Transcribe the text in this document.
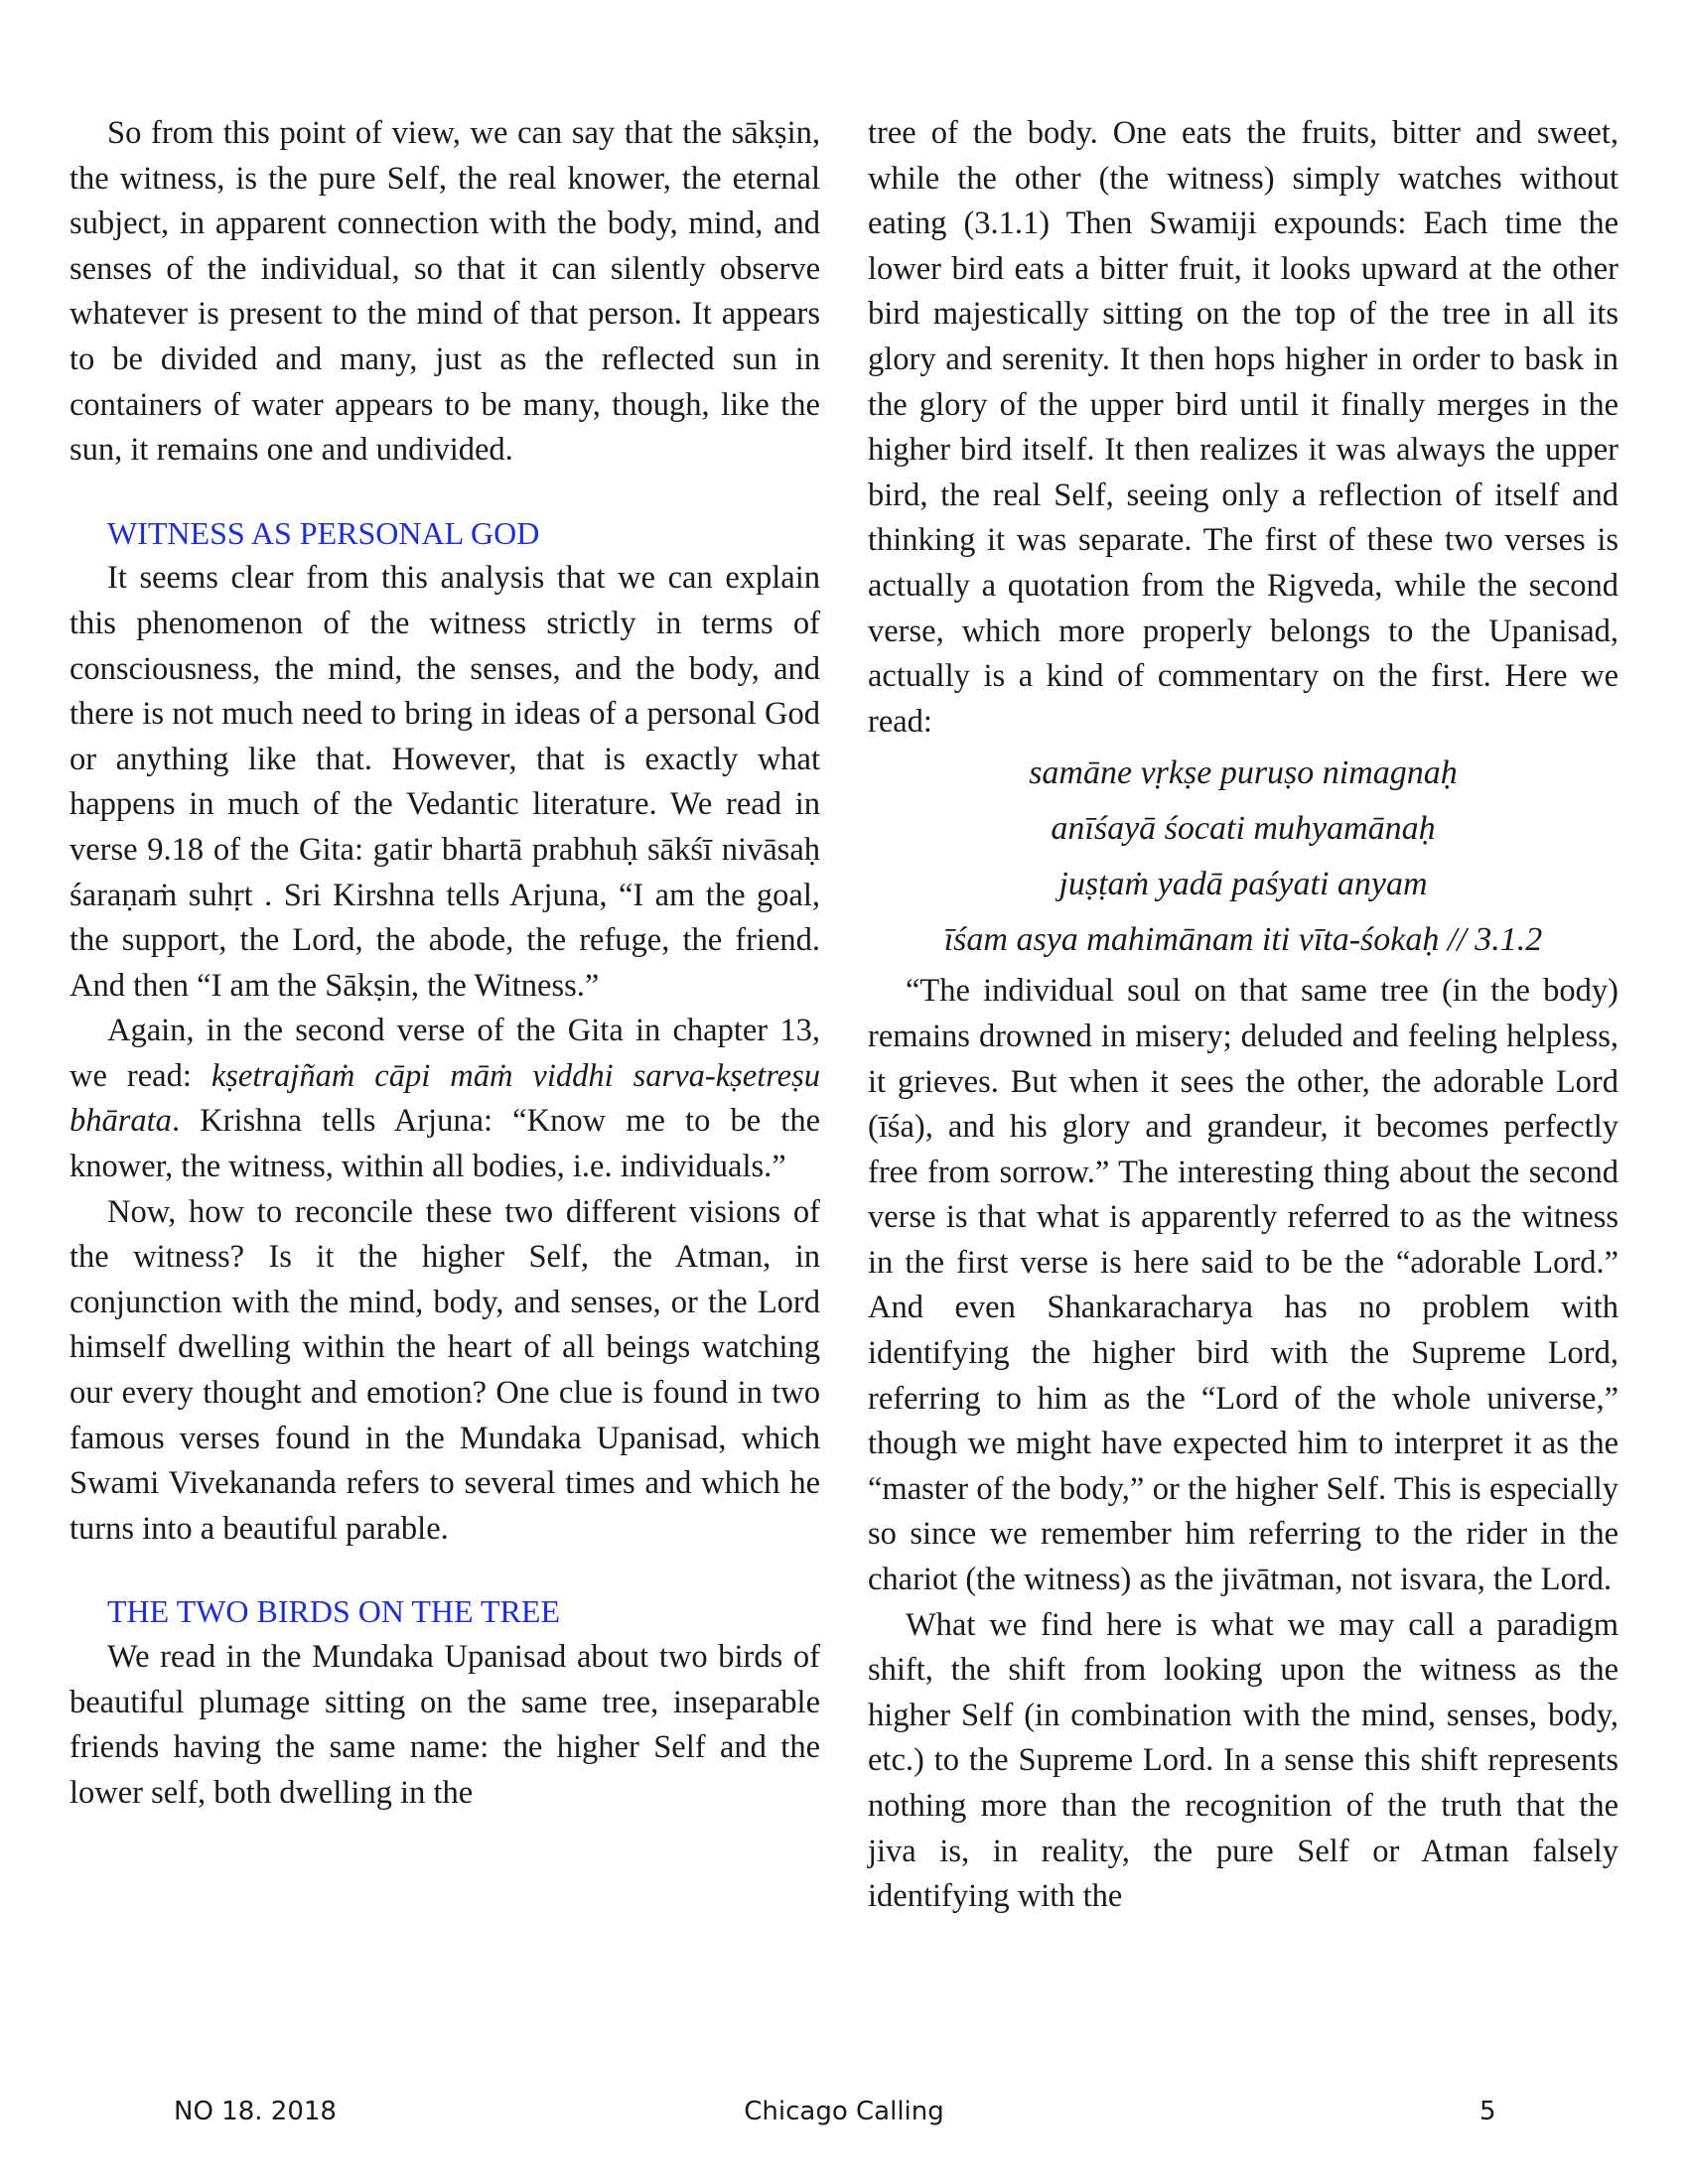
So from this point of view, we can say that the sākṣin, the witness, is the pure Self, the real knower, the eternal subject, in apparent connection with the body, mind, and senses of the individual, so that it can silently observe whatever is present to the mind of that person. It appears to be divided and many, just as the reflected sun in containers of water appears to be many, though, like the sun, it remains one and undivided.

WITNESS AS PERSONAL GOD

It seems clear from this analysis that we can explain this phenomenon of the witness strictly in terms of consciousness, the mind, the senses, and the body, and there is not much need to bring in ideas of a personal God or anything like that. However, that is exactly what happens in much of the Vedantic literature. We read in verse 9.18 of the Gita: gatir bhartā prabhuḥ sākśī nivāsaḥ śaraṇaṁ suhṛt . Sri Kirshna tells Arjuna, “I am the goal, the support, the Lord, the abode, the refuge, the friend. And then “I am the Sākṣin, the Witness.”

Again, in the second verse of the Gita in chapter 13, we read: kṣetrajñaṁ cāpi māṁ viddhi sarva-kṣetreṣu bhārata. Krishna tells Arjuna: “Know me to be the knower, the witness, within all bodies, i.e. individuals.”

Now, how to reconcile these two different visions of the witness? Is it the higher Self, the Atman, in conjunction with the mind, body, and senses, or the Lord himself dwelling within the heart of all beings watching our every thought and emotion? One clue is found in two famous verses found in the Mundaka Upanisad, which Swami Vivekananda refers to several times and which he turns into a beautiful parable.

THE TWO BIRDS ON THE TREE

We read in the Mundaka Upanisad about two birds of beautiful plumage sitting on the same tree, inseparable friends having the same name: the higher Self and the lower self, both dwelling in the

tree of the body. One eats the fruits, bitter and sweet, while the other (the witness) simply watches without eating (3.1.1) Then Swamiji expounds: Each time the lower bird eats a bitter fruit, it looks upward at the other bird majestically sitting on the top of the tree in all its glory and serenity. It then hops higher in order to bask in the glory of the upper bird until it finally merges in the higher bird itself. It then realizes it was always the upper bird, the real Self, seeing only a reflection of itself and thinking it was separate. The first of these two verses is actually a quotation from the Rigveda, while the second verse, which more properly belongs to the Upanisad, actually is a kind of commentary on the first. Here we read:

samāne vṛkṣe puruṣo nimagnaḥ
anīśayā śocati muhyamānaḥ
juṣṭaṁ yadā paśyati anyam
īśam asya mahimānam iti vīta-śokaḥ // 3.1.2

“The individual soul on that same tree (in the body) remains drowned in misery; deluded and feeling helpless, it grieves. But when it sees the other, the adorable Lord (īśa), and his glory and grandeur, it becomes perfectly free from sorrow.” The interesting thing about the second verse is that what is apparently referred to as the witness in the first verse is here said to be the “adorable Lord.” And even Shankaracharya has no problem with identifying the higher bird with the Supreme Lord, referring to him as the “Lord of the whole universe,” though we might have expected him to interpret it as the “master of the body,” or the higher Self. This is especially so since we remember him referring to the rider in the chariot (the witness) as the jivātman, not isvara, the Lord.

What we find here is what we may call a paradigm shift, the shift from looking upon the witness as the higher Self (in combination with the mind, senses, body, etc.) to the Supreme Lord. In a sense this shift represents nothing more than the recognition of the truth that the jiva is, in reality, the pure Self or Atman falsely identifying with the

NO 18. 2018	Chicago Calling	5
